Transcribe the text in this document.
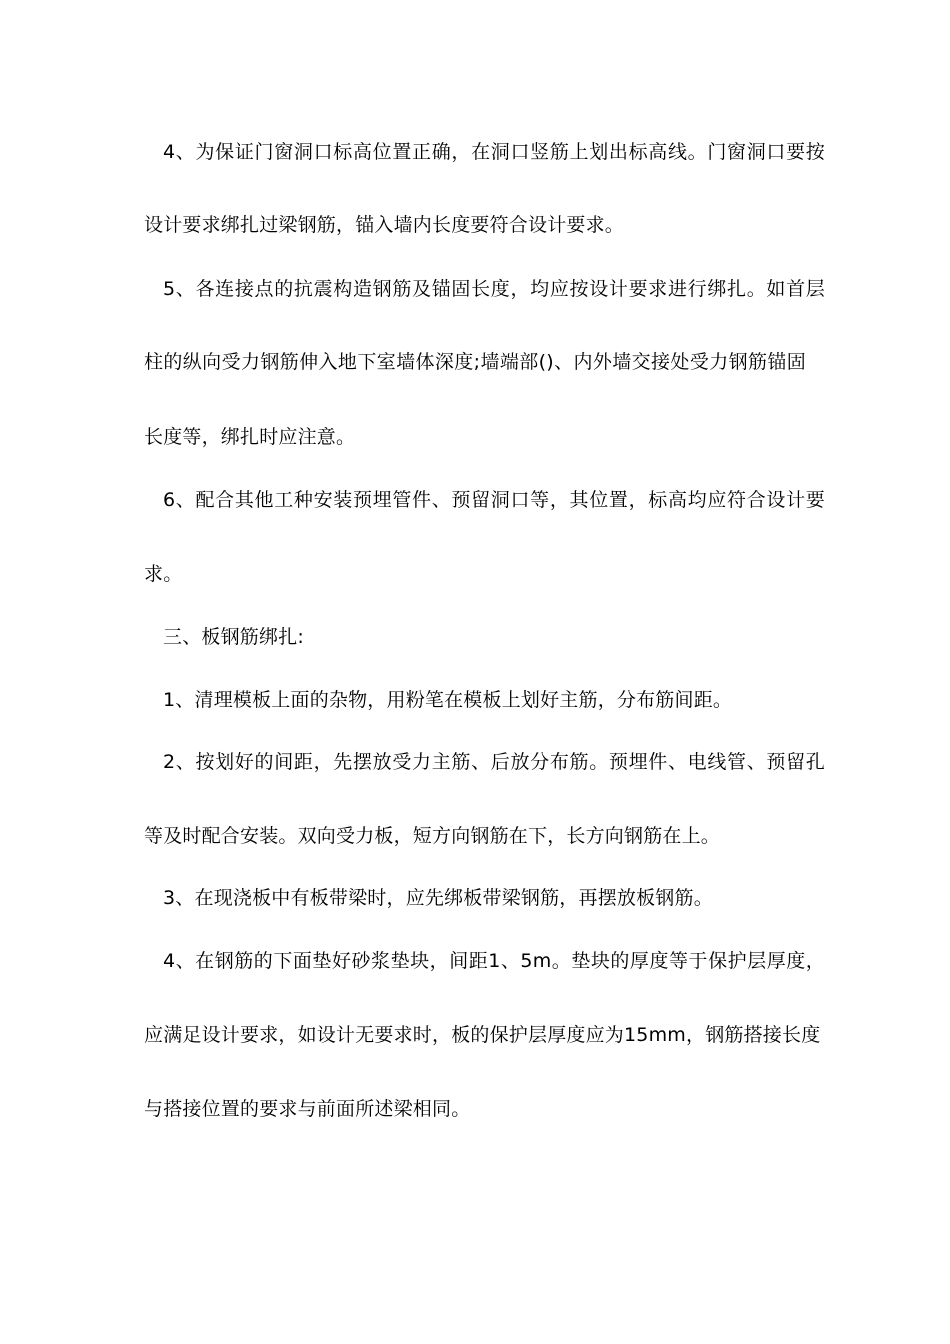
4、为保证门窗洞口标高位置正确，在洞口竖筋上划出标高线。门窗洞口要按
设计要求绑扎过梁钢筋，锚入墙内长度要符合设计要求。
5、各连接点的抗震构造钢筋及锚固长度，均应按设计要求进行绑扎。如首层
柱的纵向受力钢筋伸入地下室墙体深度;墙端部()、内外墙交接处受力钢筋锚固
长度等，绑扎时应注意。
6、配合其他工种安装预埋管件、预留洞口等，其位置，标高均应符合设计要
求。
三、板钢筋绑扎:
1、清理模板上面的杂物，用粉笔在模板上划好主筋，分布筋间距。
2、按划好的间距，先摆放受力主筋、后放分布筋。预埋件、电线管、预留孔
等及时配合安装。双向受力板，短方向钢筋在下，长方向钢筋在上。
3、在现浇板中有板带梁时，应先绑板带梁钢筋，再摆放板钢筋。
4、在钢筋的下面垫好砂浆垫块，间距1、5m。垫块的厚度等于保护层厚度，
应满足设计要求，如设计无要求时，板的保护层厚度应为15mm，钢筋搭接长度
与搭接位置的要求与前面所述梁相同。
